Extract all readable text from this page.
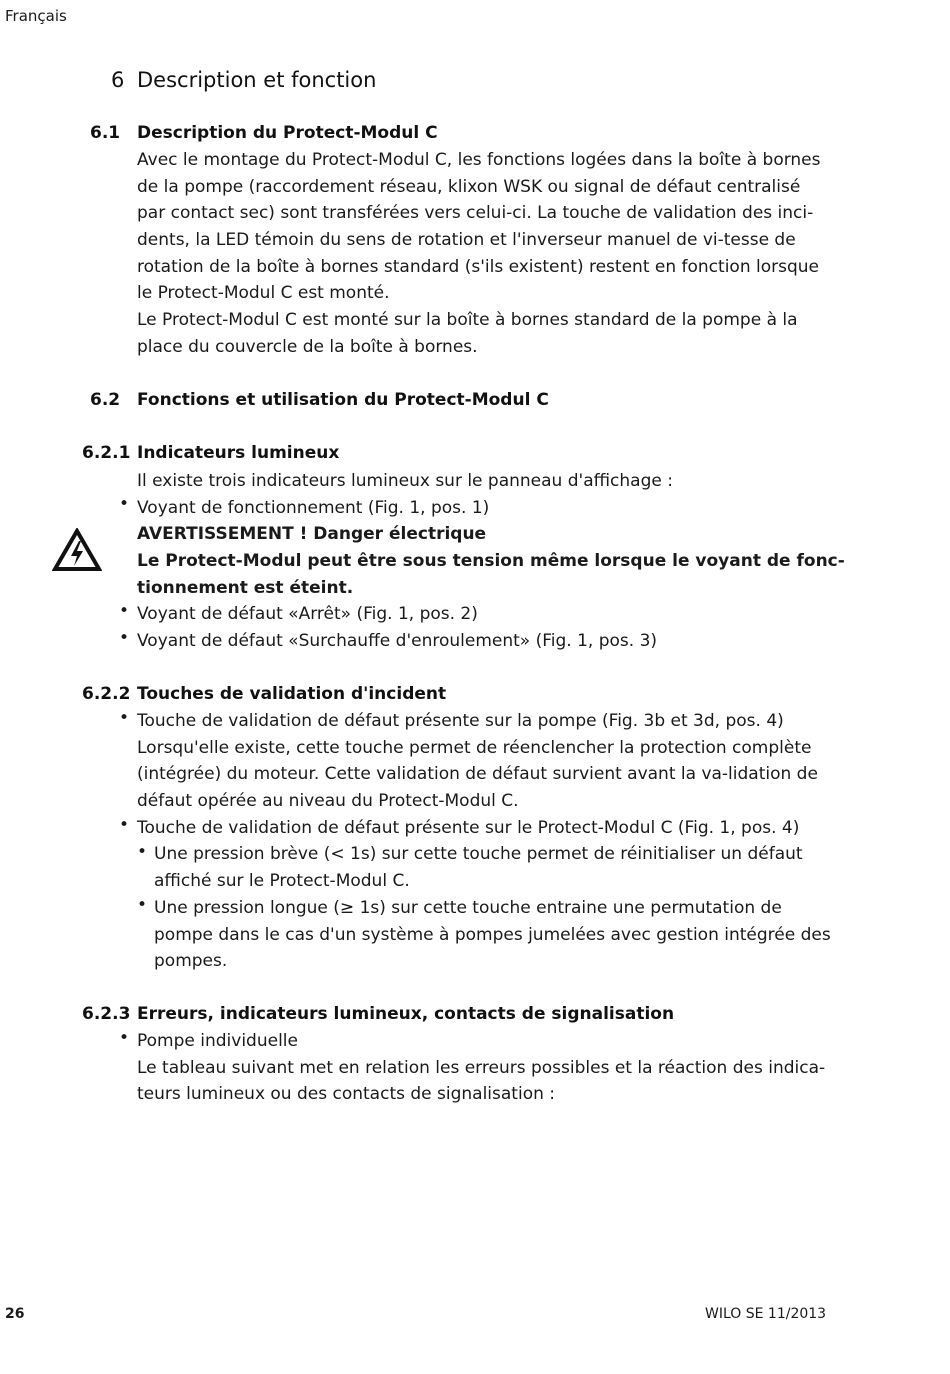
Français
6 Description et fonction
6.1 Description du Protect-Modul C
Avec le montage du Protect-Modul C, les fonctions logées dans la boîte à bornes
de la pompe (raccordement réseau, klixon WSK ou signal de défaut centralisé
par contact sec) sont transférées vers celui-ci. La touche de validation des inci-
dents, la LED témoin du sens de rotation et l'inverseur manuel de vi-tesse de
rotation de la boîte à bornes standard (s'ils existent) restent en fonction lorsque
le Protect-Modul C est monté.
Le Protect-Modul C est monté sur la boîte à bornes standard de la pompe à la
place du couvercle de la boîte à bornes.
6.2 Fonctions et utilisation du Protect-Modul C
6.2.1 Indicateurs lumineux
Il existe trois indicateurs lumineux sur le panneau d'affichage :
Voyant de fonctionnement (Fig. 1, pos. 1)
AVERTISSEMENT ! Danger électrique
Le Protect-Modul peut être sous tension même lorsque le voyant de fonc-
tionnement est éteint.
Voyant de défaut «Arrêt» (Fig. 1, pos. 2)
Voyant de défaut «Surchauffe d'enroulement» (Fig. 1, pos. 3)
•
•
•
6.2.2 Touches de validation d'incident
Touche de validation de défaut présente sur la pompe (Fig. 3b et 3d, pos. 4)
Lorsqu'elle existe, cette touche permet de réenclencher la protection complète
(intégrée) du moteur. Cette validation de défaut survient avant la va-lidation de
défaut opérée au niveau du Protect-Modul C.
Touche de validation de défaut présente sur le Protect-Modul C (Fig. 1, pos. 4)
Une pression brève (< 1s) sur cette touche permet de réinitialiser un défaut
affiché sur le Protect-Modul C.
Une pression longue (≥ 1s) sur cette touche entraine une permutation de
pompe dans le cas d'un système à pompes jumelées avec gestion intégrée des
pompes.
•
•
•
•
6.2.3 Erreurs, indicateurs lumineux, contacts de signalisation
Pompe individuelle
Le tableau suivant met en relation les erreurs possibles et la réaction des indica-
teurs lumineux ou des contacts de signalisation :
•
26	WILO SE 11/2013
